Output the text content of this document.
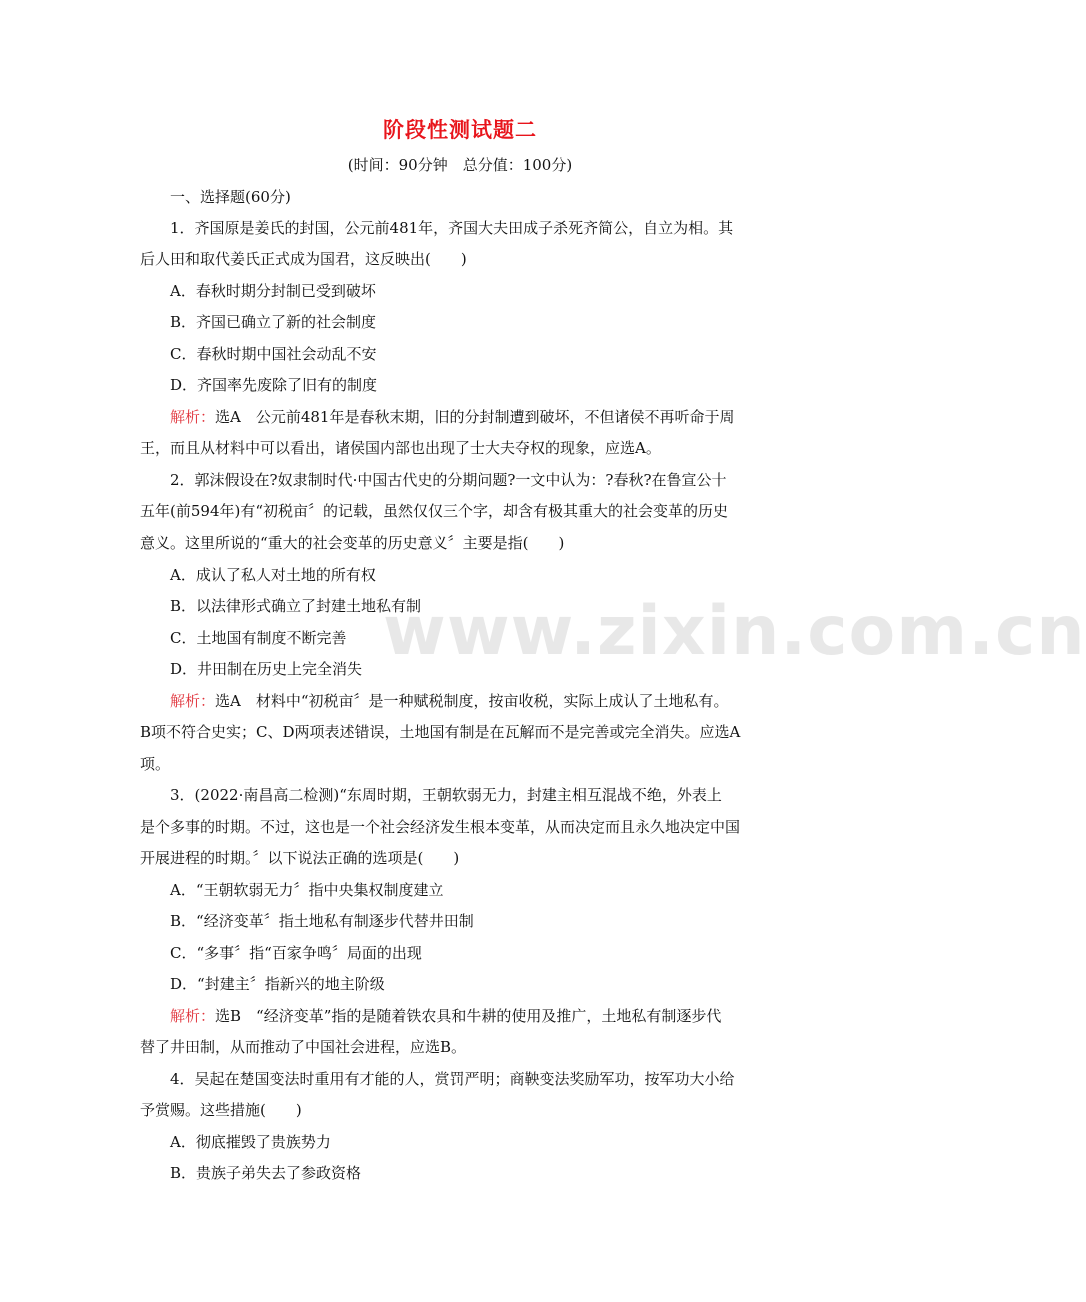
www.zixin.com.cn
阶段性测试题二
(时间：90分钟　总分值：100分)
一、选择题(60分)
1．齐国原是姜氏的封国，公元前481年，齐国大夫田成子杀死齐简公，自立为相。其
后人田和取代姜氏正式成为国君，这反映出(　　)
A．春秋时期分封制已受到破坏
B．齐国已确立了新的社会制度
C．春秋时期中国社会动乱不安
D．齐国率先废除了旧有的制度
解析：选A　公元前481年是春秋末期，旧的分封制遭到破坏，不但诸侯不再听命于周
王，而且从材料中可以看出，诸侯国内部也出现了士大夫夺权的现象，应选A。
2．郭沫假设在?奴隶制时代·中国古代史的分期问题?一文中认为：?春秋?在鲁宣公十
五年(前594年)有“初税亩〞的记载，虽然仅仅三个字，却含有极其重大的社会变革的历史
意义。这里所说的“重大的社会变革的历史意义〞主要是指(　　)
A．成认了私人对土地的所有权
B．以法律形式确立了封建土地私有制
C．土地国有制度不断完善
D．井田制在历史上完全消失
解析：选A　材料中“初税亩〞是一种赋税制度，按亩收税，实际上成认了土地私有。
B项不符合史实；C、D两项表述错误，土地国有制是在瓦解而不是完善或完全消失。应选A
项。
3．(2022·南昌高二检测)“东周时期，王朝软弱无力，封建主相互混战不绝，外表上
是个多事的时期。不过，这也是一个社会经济发生根本变革，从而决定而且永久地决定中国
开展进程的时期。〞以下说法正确的选项是(　　)
A．“王朝软弱无力〞指中央集权制度建立
B．“经济变革〞指土地私有制逐步代替井田制
C．“多事〞指“百家争鸣〞局面的出现
D．“封建主〞指新兴的地主阶级
解析：选B　“经济变革”指的是随着铁农具和牛耕的使用及推广，土地私有制逐步代
替了井田制，从而推动了中国社会进程，应选B。
4．吴起在楚国变法时重用有才能的人，赏罚严明；商鞅变法奖励军功，按军功大小给
予赏赐。这些措施(　　)
A．彻底摧毁了贵族势力
B．贵族子弟失去了参政资格
